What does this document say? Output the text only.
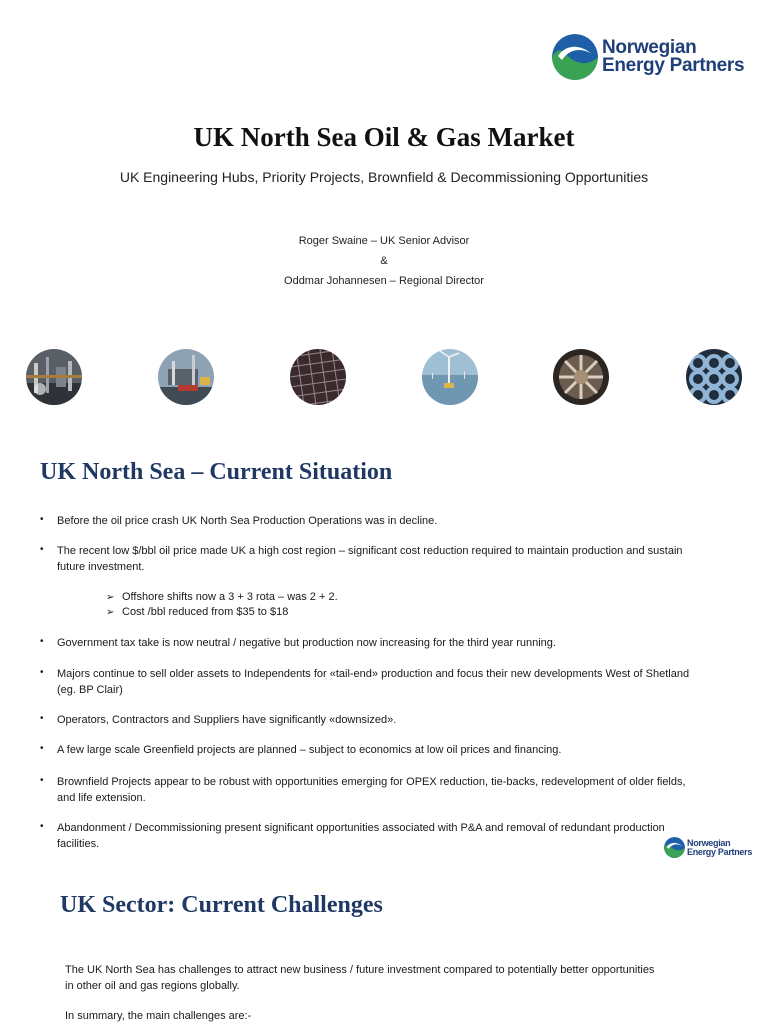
Norwegian
Energy Partners
UK North Sea Oil & Gas Market
UK Engineering Hubs, Priority Projects, Brownfield & Decommissioning Opportunities
Roger Swaine – UK Senior Advisor
&
Oddmar Johannesen – Regional Director
UK North Sea – Current Situation
• Before the oil price crash UK North Sea Production Operations was in decline.
• The recent low $/bbl oil price made UK a high cost region – significant cost reduction required to maintain production and sustain future investment.
• Government tax take is now neutral / negative but production now increasing for the third year running.
• Majors continue to sell older assets to Independents for «tail-end» production and focus their new developments West of Shetland (eg. BP Clair)
• Operators, Contractors and Suppliers have significantly «downsized».
• A few large scale Greenfield projects are planned – subject to economics at low oil prices and financing.
• Brownfield Projects appear to be robust with opportunities emerging for OPEX reduction, tie-backs, redevelopment of older fields, and life extension.
• Abandonment / Decommissioning present significant opportunities associated with P&A and removal of redundant production facilities.
➢ Offshore shifts now a 3 + 3 rota – was 2 + 2.
➢ Cost /bbl reduced from $35 to $18
Norwegian
Energy Partners
UK Sector: Current Challenges
The UK North Sea has challenges to attract new business / future investment compared to potentially better opportunities in other oil and gas regions globally.
In summary, the main challenges are:-
